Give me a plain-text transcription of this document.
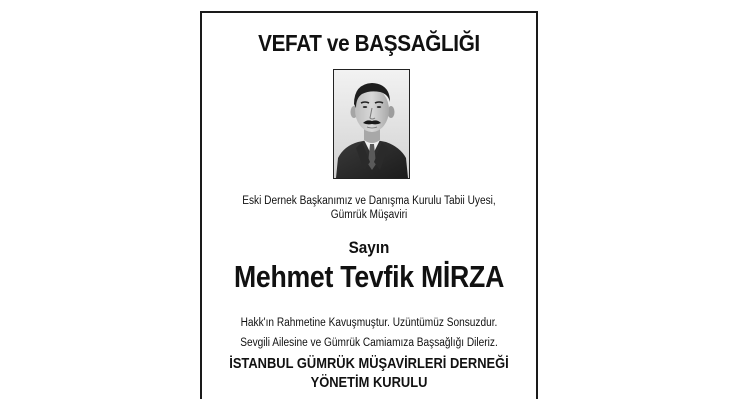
VEFAT ve BAŞSAĞLIĞI
Eski Dernek Başkanımız ve Danışma Kurulu Tabii Üyesi,
Gümrük Müşaviri
Sayın
Mehmet Tevfik MİRZA
Hakk'ın Rahmetine Kavuşmuştur. Üzüntümüz Sonsuzdur.
Sevgili Ailesine ve Gümrük Camiamıza Başsağlığı Dileriz.
İSTANBUL GÜMRÜK MÜŞAVİRLERİ DERNEĞİ
YÖNETİM KURULU
